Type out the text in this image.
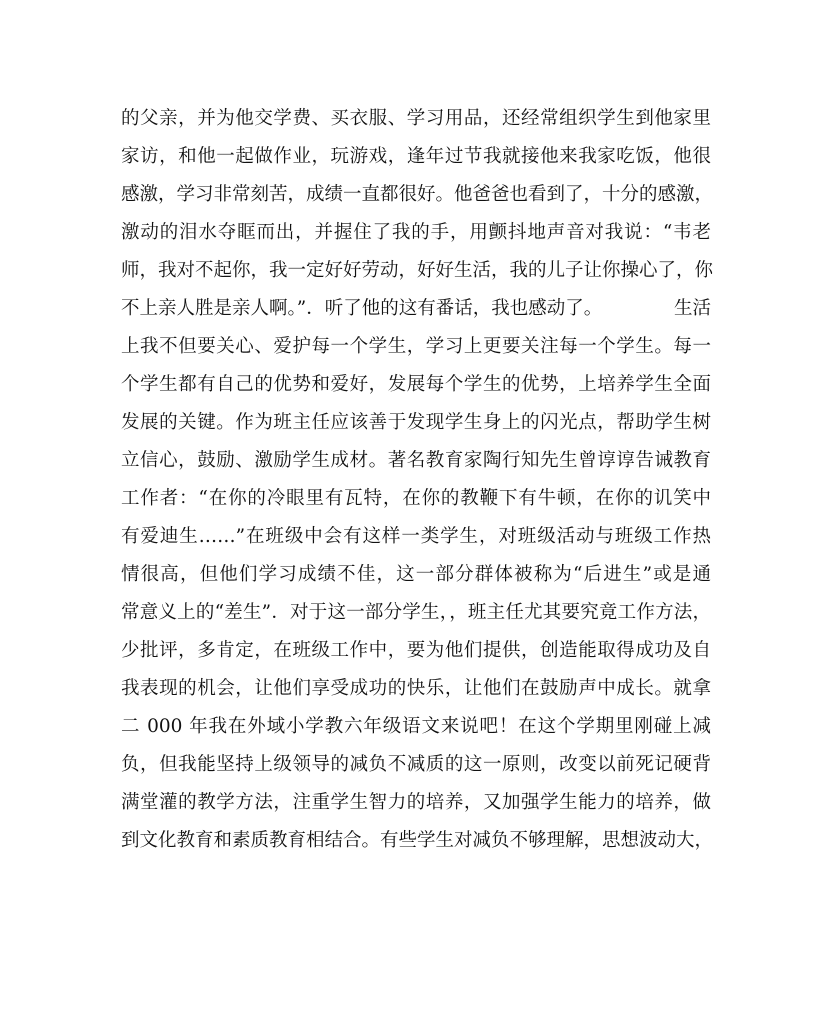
的父亲，并为他交学费、买衣服、学习用品，还经常组织学生到他家里
家访，和他一起做作业，玩游戏，逢年过节我就接他来我家吃饭，他很
感激，学习非常刻苦，成绩一直都很好。他爸爸也看到了，十分的感激，
激动的泪水夺眶而出，并握住了我的手，用颤抖地声音对我说：“韦老
师，我对不起你，我一定好好劳动，好好生活，我的儿子让你操心了，你
不上亲人胜是亲人啊。”．听了他的这有番话，我也感动了。	生活
上我不但要关心、爱护每一个学生，学习上更要关注每一个学生。每一
个学生都有自己的优势和爱好，发展每个学生的优势，上培养学生全面
发展的关键。作为班主任应该善于发现学生身上的闪光点，帮助学生树
立信心，鼓励、激励学生成材。著名教育家陶行知先生曾谆谆告诫教育
工作者：“在你的冷眼里有瓦特，在你的教鞭下有牛顿，在你的讥笑中
有爱迪生……”在班级中会有这样一类学生，对班级活动与班级工作热
情很高，但他们学习成绩不佳，这一部分群体被称为“后进生”或是通
常意义上的“差生”．对于这一部分学生，，班主任尤其要究竟工作方法，
少批评，多肯定，在班级工作中，要为他们提供，创造能取得成功及自
我表现的机会，让他们享受成功的快乐，让他们在鼓励声中成长。就拿
二 000 年我在外域小学教六年级语文来说吧！在这个学期里刚碰上减
负，但我能坚持上级领导的减负不减质的这一原则，改变以前死记硬背
满堂灌的教学方法，注重学生智力的培养，又加强学生能力的培养，做
到文化教育和素质教育相结合。有些学生对减负不够理解，思想波动大，
